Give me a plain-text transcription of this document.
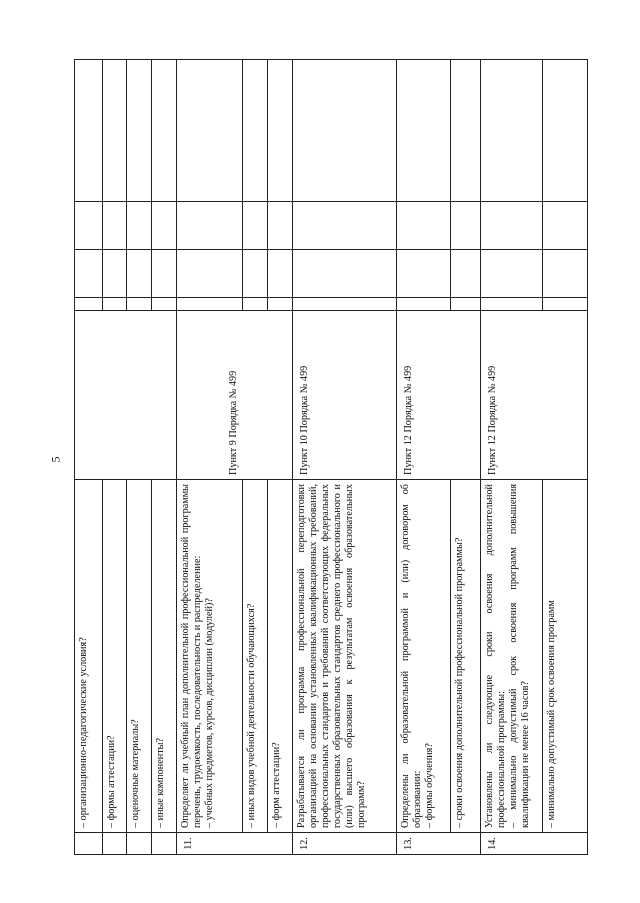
5

	– организационно-педагогические условия?					

	– формы аттестации?					

	– оценочные материалы?					

	– иные компоненты?					

11.	Определяет ли учебный план дополнительной профессиональной программы перечень, трудоемкость, последовательность и распределение: – учебных предметов, курсов, дисциплин (модулей)?	Пункт 9 Порядка № 499				

	– иных видов учебной деятельности обучающихся?					

	– форм аттестации?					

12.	Разрабатывается ли программа профессиональной переподготовки организацией на основании установленных квалификационных требований, профессиональных стандартов и требований соответствующих федеральных государственных образовательных стандартов среднего профессионального и (или) высшего образования к результатам освоения образовательных программ?	Пункт 10 Порядка № 499				
13.	Определены ли образовательной программой и (или) договором об образовании: – формы обучения?	Пункт 12 Порядка № 499				

	– сроки освоения дополнительной профессиональной программы?					

14.	Установлены ли следующие сроки освоения дополнительной профессиональной программы: – минимально допустимый срок освоения программ повышения квалификации не менее 16 часов?	Пункт 12 Порядка № 499				

	– минимально допустимый срок освоения программ					
